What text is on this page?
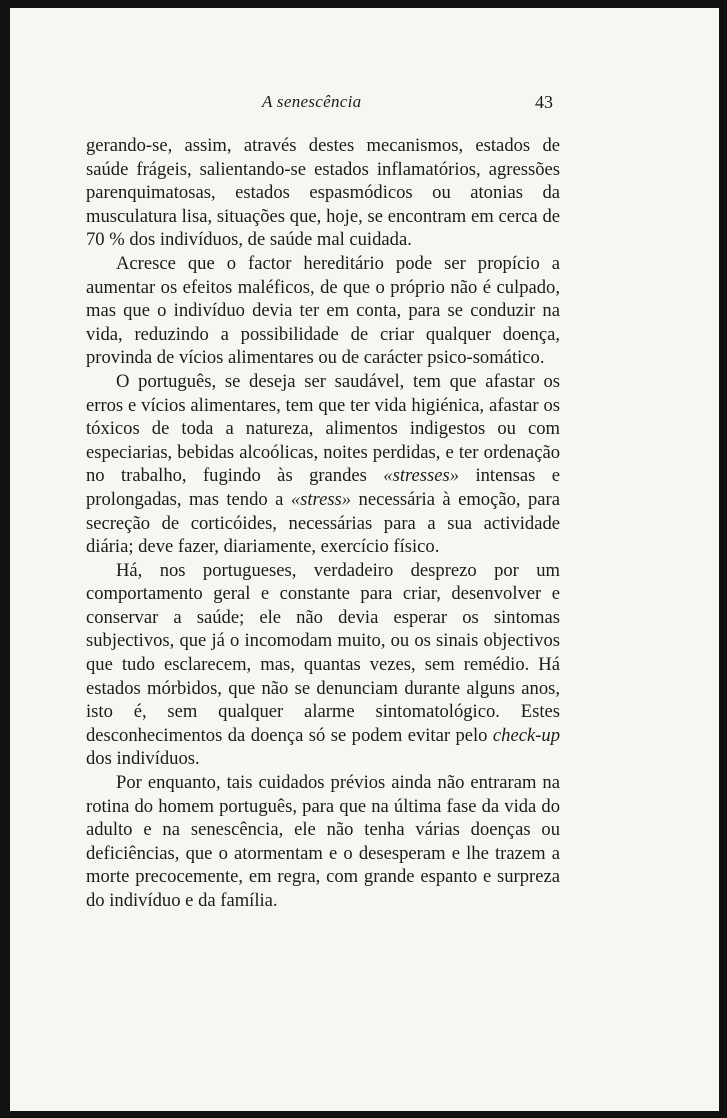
A senescência	43

gerando-se, assim, através destes mecanismos, estados de saúde frágeis, salientando-se estados inflamatórios, agressões parenquimatosas, estados espasmódicos ou atonias da musculatura lisa, situações que, hoje, se encontram em cerca de 70 % dos indivíduos, de saúde mal cuidada.

Acresce que o factor hereditário pode ser propício a aumentar os efeitos maléficos, de que o próprio não é culpado, mas que o indivíduo devia ter em conta, para se conduzir na vida, reduzindo a possibilidade de criar qualquer doença, provinda de vícios alimentares ou de carácter psico-somático.

O português, se deseja ser saudável, tem que afastar os erros e vícios alimentares, tem que ter vida higiénica, afastar os tóxicos de toda a natureza, alimentos indigestos ou com especiarias, bebidas alcoólicas, noites perdidas, e ter ordenação no trabalho, fugindo às grandes «stresses» intensas e prolongadas, mas tendo a «stress» necessária à emoção, para secreção de corticóides, necessárias para a sua actividade diária; deve fazer, diariamente, exercício físico.

Há, nos portugueses, verdadeiro desprezo por um comportamento geral e constante para criar, desenvolver e conservar a saúde; ele não devia esperar os sintomas subjectivos, que já o incomodam muito, ou os sinais objectivos que tudo esclarecem, mas, quantas vezes, sem remédio. Há estados mórbidos, que não se denunciam durante alguns anos, isto é, sem qualquer alarme sintomatológico. Estes desconhecimentos da doença só se podem evitar pelo check-up dos indivíduos.

Por enquanto, tais cuidados prévios ainda não entraram na rotina do homem português, para que na última fase da vida do adulto e na senescência, ele não tenha várias doenças ou deficiências, que o atormentam e o desesperam e lhe trazem a morte precocemente, em regra, com grande espanto e surpreza do indivíduo e da família.
